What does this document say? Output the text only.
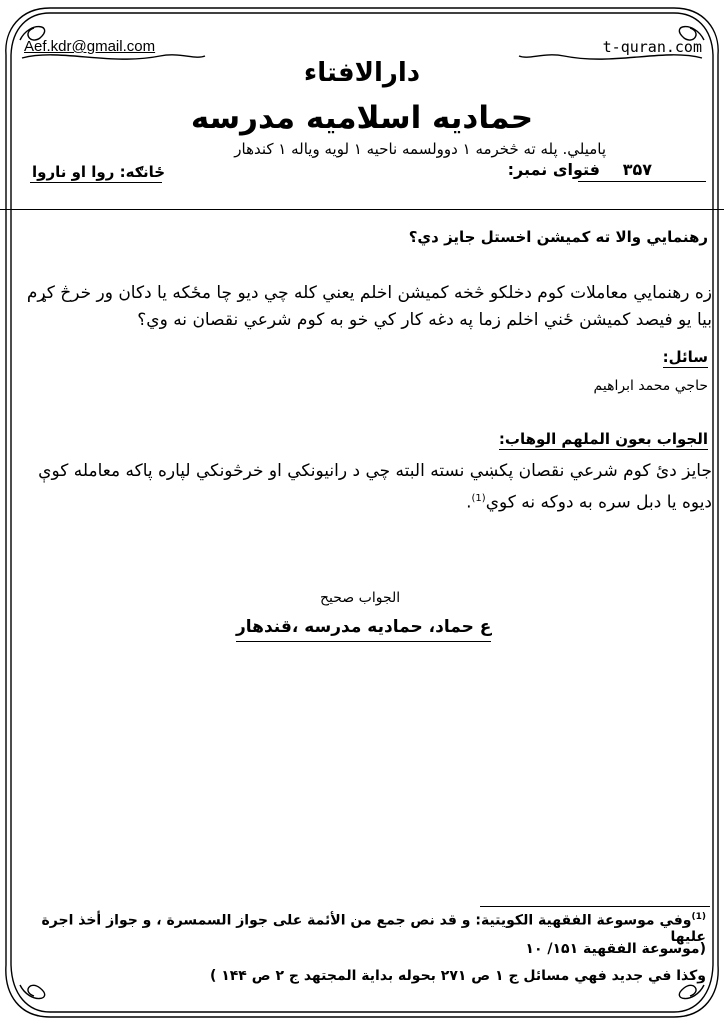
Aef.kdr@gmail.com	t-quran.com
دارالافتاء
حمادیه اسلامیه مدرسه
پاميلي. پله ته څخرمه ۱ دوولسمه ناحيه ۱ لویه ویاله ۱ کندهار
فتوای نمبر: ۳۵۷
ځانګه: روا او ناروا
رهنمايي والا ته کميشن اخستل جايز دي؟
زه رهنمايي معاملات کوم دخلکو څخه کميشن اخلم يعني کله چي ديو چا مځکه يا دکان ور خرڅ کړم بيا يو فيصد کميشن ځني اخلم زما په دغه کار کي خو به کوم شرعي نقصان نه وي؟
سائل:
حاجي محمد ابراهيم
الجواب بعون الملهم الوهاب:
جايز دئ کوم شرعي نقصان پکښي نسته البته چي د رانيونکي او خرڅونکي لپاره پاکه معامله کوې ديوه يا دبل سره به دوکه نه کوي$^{(1)}$.
الجواب صحيح
ع حماد، حماديه مدرسه ،قندهار
$^{(1)}$وفي موسوعة الفقهية الكويتية: و قد نص جمع من الأئمة على جواز السمسرة ، و جواز أخذ اجرة عليها
(موسوعة الفقهية ۱۵۱/ ۱۰
وكذا في جديد فهي مسائل ج ۱ ص ۲۷۱ بحوله بداية المجتهد ج ۲ ص ۱۴۴ )
